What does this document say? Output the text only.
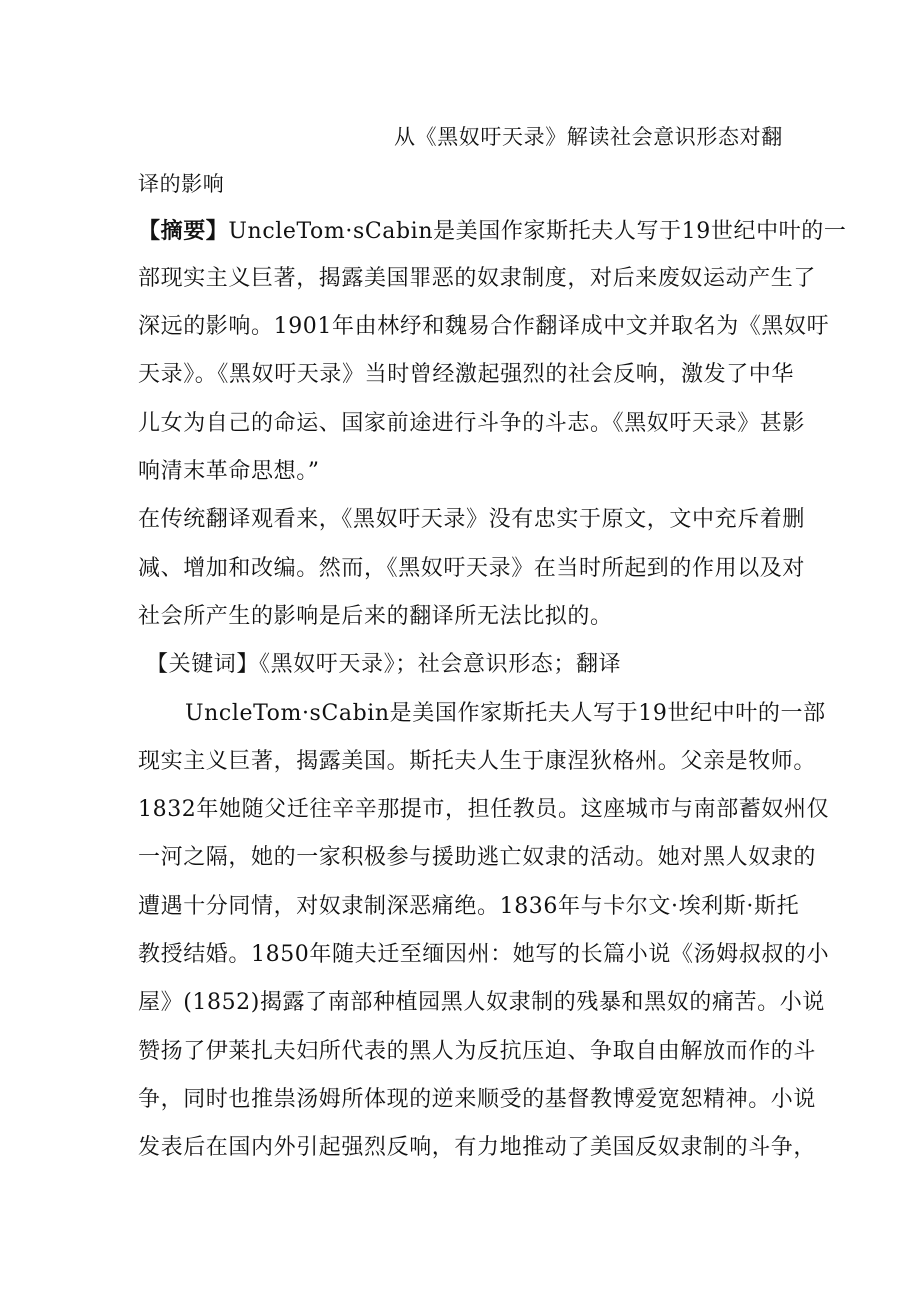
从《黑奴吁天录》解读社会意识形态对翻
译的影响
【摘要】UncleTom·sCabin是美国作家斯托夫人写于19世纪中叶的一
部现实主义巨著，揭露美国罪恶的奴隶制度，对后来废奴运动产生了
深远的影响。1901年由林纾和魏易合作翻译成中文并取名为《黑奴吁
天录》。《黑奴吁天录》当时曾经激起强烈的社会反响，激发了中华
儿女为自己的命运、国家前途进行斗争的斗志。《黑奴吁天录》甚影
响清末革命思想。”
在传统翻译观看来，《黑奴吁天录》没有忠实于原文，文中充斥着删
减、增加和改编。然而，《黑奴吁天录》在当时所起到的作用以及对
社会所产生的影响是后来的翻译所无法比拟的。
【关键词】《黑奴吁天录》；社会意识形态；翻译
UncleTom·sCabin是美国作家斯托夫人写于19世纪中叶的一部
现实主义巨著，揭露美国。斯托夫人生于康涅狄格州。父亲是牧师。
1832年她随父迁往辛辛那提市，担任教员。这座城市与南部蓄奴州仅
一河之隔，她的一家积极参与援助逃亡奴隶的活动。她对黑人奴隶的
遭遇十分同情，对奴隶制深恶痛绝。1836年与卡尔文·埃利斯·斯托
教授结婚。1850年随夫迁至缅因州：她写的长篇小说《汤姆叔叔的小
屋》(1852)揭露了南部种植园黑人奴隶制的残暴和黑奴的痛苦。小说
赞扬了伊莱扎夫妇所代表的黑人为反抗压迫、争取自由解放而作的斗
争，同时也推祟汤姆所体现的逆来顺受的基督教博爱宽恕精神。小说
发表后在国内外引起强烈反响，有力地推动了美国反奴隶制的斗争，
